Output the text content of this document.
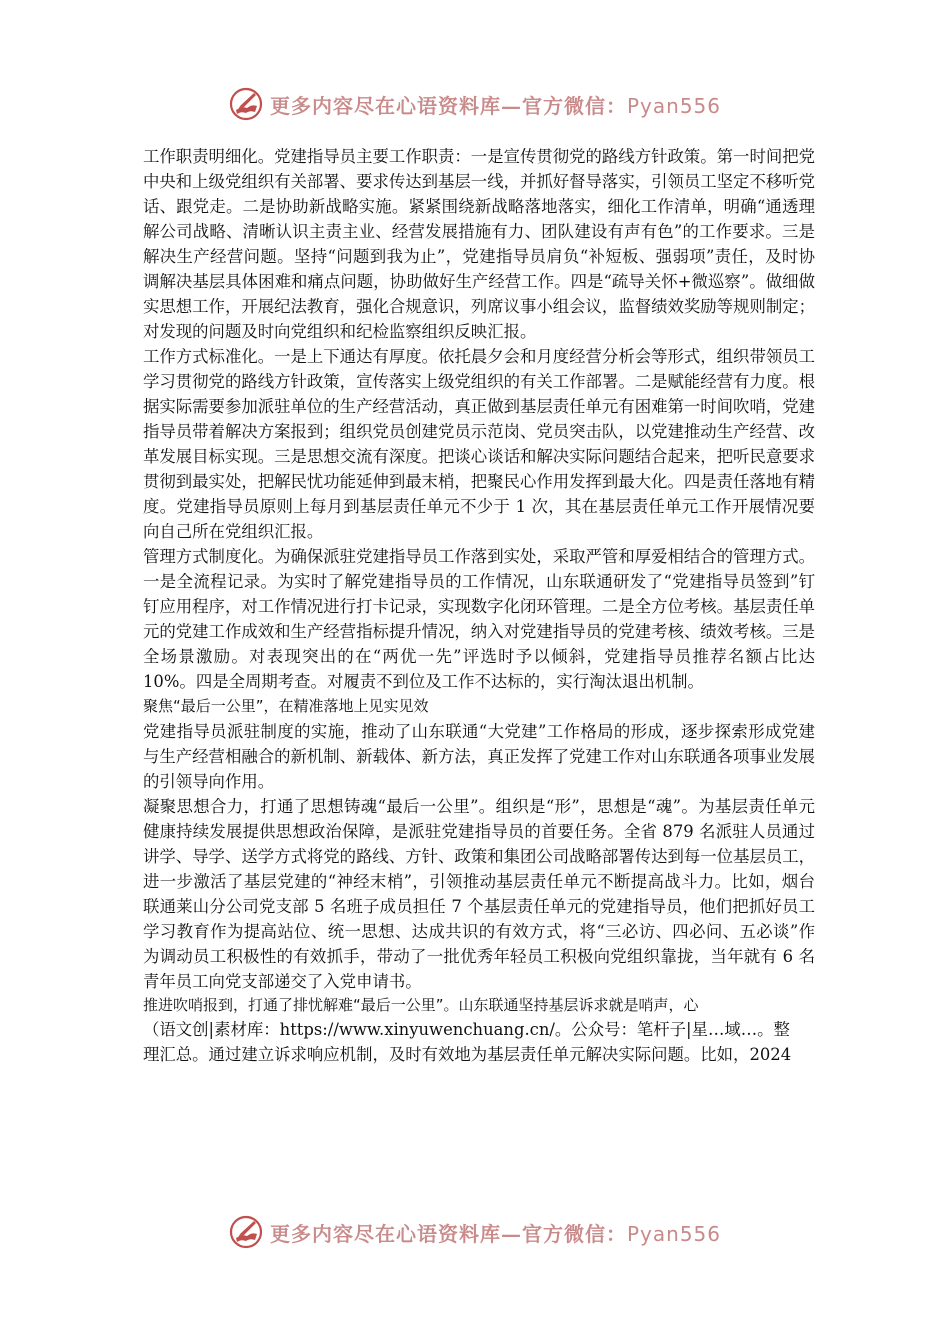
更多内容尽在心语资料库—官方微信：Pyan556

工作职责明细化。党建指导员主要工作职责：一是宣传贯彻党的路线方针政策。第一时间把党中央和上级党组织有关部署、要求传达到基层一线，并抓好督导落实，引领员工坚定不移听党话、跟党走。二是协助新战略实施。紧紧围绕新战略落地落实，细化工作清单，明确“通透理解公司战略、清晰认识主责主业、经营发展措施有力、团队建设有声有色”的工作要求。三是解决生产经营问题。坚持“问题到我为止”，党建指导员肩负“补短板、强弱项”责任，及时协调解决基层具体困难和痛点问题，协助做好生产经营工作。四是“疏导关怀+微巡察”。做细做实思想工作，开展纪法教育，强化合规意识，列席议事小组会议，监督绩效奖励等规则制定；对发现的问题及时向党组织和纪检监察组织反映汇报。

工作方式标准化。一是上下通达有厚度。依托晨夕会和月度经营分析会等形式，组织带领员工学习贯彻党的路线方针政策，宣传落实上级党组织的有关工作部署。二是赋能经营有力度。根据实际需要参加派驻单位的生产经营活动，真正做到基层责任单元有困难第一时间吹哨，党建指导员带着解决方案报到；组织党员创建党员示范岗、党员突击队，以党建推动生产经营、改革发展目标实现。三是思想交流有深度。把谈心谈话和解决实际问题结合起来，把听民意要求贯彻到最实处，把解民忧功能延伸到最末梢，把聚民心作用发挥到最大化。四是责任落地有精度。党建指导员原则上每月到基层责任单元不少于 1 次，其在基层责任单元工作开展情况要向自己所在党组织汇报。

管理方式制度化。为确保派驻党建指导员工作落到实处，采取严管和厚爱相结合的管理方式。一是全流程记录。为实时了解党建指导员的工作情况，山东联通研发了“党建指导员签到”钉钉应用程序，对工作情况进行打卡记录，实现数字化闭环管理。二是全方位考核。基层责任单元的党建工作成效和生产经营指标提升情况，纳入对党建指导员的党建考核、绩效考核。三是全场景激励。对表现突出的在“两优一先”评选时予以倾斜，党建指导员推荐名额占比达 10%。四是全周期考查。对履责不到位及工作不达标的，实行淘汰退出机制。

聚焦“最后一公里”，在精准落地上见实见效

党建指导员派驻制度的实施，推动了山东联通“大党建”工作格局的形成，逐步探索形成党建与生产经营相融合的新机制、新载体、新方法，真正发挥了党建工作对山东联通各项事业发展的引领导向作用。

凝聚思想合力，打通了思想铸魂“最后一公里”。组织是“形”，思想是“魂”。为基层责任单元健康持续发展提供思想政治保障，是派驻党建指导员的首要任务。全省 879 名派驻人员通过讲学、导学、送学方式将党的路线、方针、政策和集团公司战略部署传达到每一位基层员工，进一步激活了基层党建的“神经末梢”，引领推动基层责任单元不断提高战斗力。比如，烟台联通莱山分公司党支部 5 名班子成员担任 7 个基层责任单元的党建指导员，他们把抓好员工学习教育作为提高站位、统一思想、达成共识的有效方式，将“三必访、四必问、五必谈”作为调动员工积极性的有效抓手，带动了一批优秀年轻员工积极向党组织靠拢，当年就有 6 名青年员工向党支部递交了入党申请书。

推进吹哨报到，打通了排忧解难“最后一公里”。山东联通坚持基层诉求就是哨声，心

（语文创|素材库：https://www.xinyuwenchuang.cn/。公众号：笔杆子|星…域…。整

理汇总。通过建立诉求响应机制，及时有效地为基层责任单元解决实际问题。比如，2024

更多内容尽在心语资料库—官方微信：Pyan556
